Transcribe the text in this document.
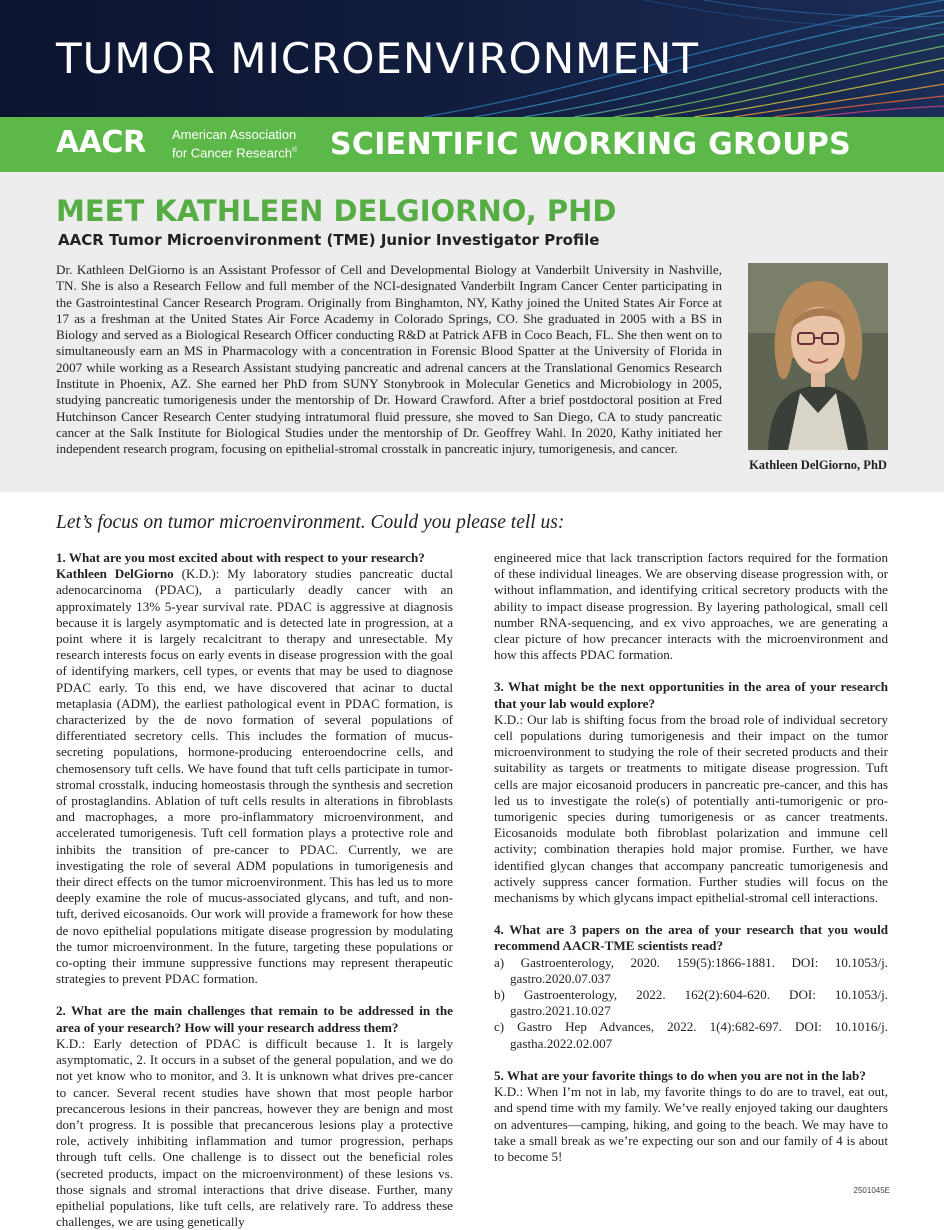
TUMOR MICROENVIRONMENT
AACR American Association
for Cancer Research®	SCIENTIFIC WORKING GROUPS
MEET KATHLEEN DELGIORNO, PHD
AACR Tumor Microenvironment (TME) Junior Investigator Profile

Dr. Kathleen DelGiorno is an Assistant Professor of Cell and Developmental Biology at Vanderbilt University in Nashville, TN. She is also a Research Fellow and full member of the NCI-designated Vanderbilt Ingram Cancer Center participating in the Gastrointestinal Cancer Research Program. Originally from Binghamton, NY, Kathy joined the United States Air Force at 17 as a freshman at the United States Air Force Academy in Colorado Springs, CO. She graduated in 2005 with a BS in Biology and served as a Biological Research Officer conducting R&D at Patrick AFB in Coco Beach, FL. She then went on to simultaneously earn an MS in Pharmacology with a concentration in Forensic Blood Spatter at the University of Florida in 2007 while working as a Research Assistant studying pancreatic and adrenal cancers at the Translational Genomics Research Institute in Phoenix, AZ. She earned her PhD from SUNY Stonybrook in Molecular Genetics and Microbiology in 2005, studying pancreatic tumorigenesis under the mentorship of Dr. Howard Crawford. After a brief postdoctoral position at Fred Hutchinson Cancer Research Center studying intratumoral fluid pressure, she moved to San Diego, CA to study pancreatic cancer at the Salk Institute for Biological Studies under the mentorship of Dr. Geoffrey Wahl. In 2020, Kathy initiated her independent research program, focusing on epithelial-stromal crosstalk in pancreatic injury, tumorigenesis, and cancer.

Kathleen DelGiorno, PhD
Let’s focus on tumor microenvironment. Could you please tell us:

1. What are you most excited about with respect to your research?

Kathleen DelGiorno (K.D.): My laboratory studies pancreatic ductal adenocarcinoma (PDAC), a particularly deadly cancer with an approximately 13% 5-year survival rate. PDAC is aggressive at diagnosis because it is largely asymptomatic and is detected late in progression, at a point where it is largely recalcitrant to therapy and unresectable. My research interests focus on early events in disease progression with the goal of identifying markers, cell types, or events that may be used to diagnose PDAC early. To this end, we have discovered that acinar to ductal metaplasia (ADM), the earliest pathological event in PDAC formation, is characterized by the de novo formation of several populations of differentiated secretory cells. This includes the formation of mucus-secreting populations, hormone-producing enteroendocrine cells, and chemosensory tuft cells. We have found that tuft cells participate in tumor-stromal crosstalk, inducing homeostasis through the synthesis and secretion of prostaglandins. Ablation of tuft cells results in alterations in fibroblasts and macrophages, a more pro-inflammatory microenvironment, and accelerated tumorigenesis. Tuft cell formation plays a protective role and inhibits the transition of pre-cancer to PDAC. Currently, we are investigating the role of several ADM populations in tumorigenesis and their direct effects on the tumor microenvironment. This has led us to more deeply examine the role of mucus-associated glycans, and tuft, and non-tuft, derived eicosanoids. Our work will provide a framework for how these de novo epithelial populations mitigate disease progression by modulating the tumor microenvironment. In the future, targeting these populations or co-opting their immune suppressive functions may represent therapeutic strategies to prevent PDAC formation.

2. What are the main challenges that remain to be addressed in the area of your research? How will your research address them?

K.D.: Early detection of PDAC is difficult because 1. It is largely asymptomatic, 2. It occurs in a subset of the general population, and we do not yet know who to monitor, and 3. It is unknown what drives pre-cancer to cancer. Several recent studies have shown that most people harbor precancerous lesions in their pancreas, however they are benign and most don’t progress. It is possible that precancerous lesions play a protective role, actively inhibiting inflammation and tumor progression, perhaps through tuft cells. One challenge is to dissect out the beneficial roles (secreted products, impact on the microenvironment) of these lesions vs. those signals and stromal interactions that drive disease. Further, many epithelial populations, like tuft cells, are relatively rare. To address these challenges, we are using genetically

engineered mice that lack transcription factors required for the formation of these individual lineages. We are observing disease progression with, or without inflammation, and identifying critical secretory products with the ability to impact disease progression. By layering pathological, small cell number RNA-sequencing, and ex vivo approaches, we are generating a clear picture of how precancer interacts with the microenvironment and how this affects PDAC formation.

3. What might be the next opportunities in the area of your research that your lab would explore?

K.D.: Our lab is shifting focus from the broad role of individual secretory cell populations during tumorigenesis and their impact on the tumor microenvironment to studying the role of their secreted products and their suitability as targets or treatments to mitigate disease progression. Tuft cells are major eicosanoid producers in pancreatic pre-cancer, and this has led us to investigate the role(s) of potentially anti-tumorigenic or pro-tumorigenic species during tumorigenesis or as cancer treatments. Eicosanoids modulate both fibroblast polarization and immune cell activity; combination therapies hold major promise. Further, we have identified glycan changes that accompany pancreatic tumorigenesis and actively suppress cancer formation. Further studies will focus on the mechanisms by which glycans impact epithelial-stromal cell interactions.

4. What are 3 papers on the area of your research that you would recommend AACR-TME scientists read?

a) Gastroenterology, 2020. 159(5):1866-1881. DOI: 10.1053/j. gastro.2020.07.037

b) Gastroenterology, 2022. 162(2):604-620. DOI: 10.1053/j. gastro.2021.10.027

c) Gastro Hep Advances, 2022. 1(4):682-697. DOI: 10.1016/j. gastha.2022.02.007

5. What are your favorite things to do when you are not in the lab?

K.D.: When I’m not in lab, my favorite things to do are to travel, eat out, and spend time with my family. We’ve really enjoyed taking our daughters on adventures—camping, hiking, and going to the beach. We may have to take a small break as we’re expecting our son and our family of 4 is about to become 5!

2501045E
